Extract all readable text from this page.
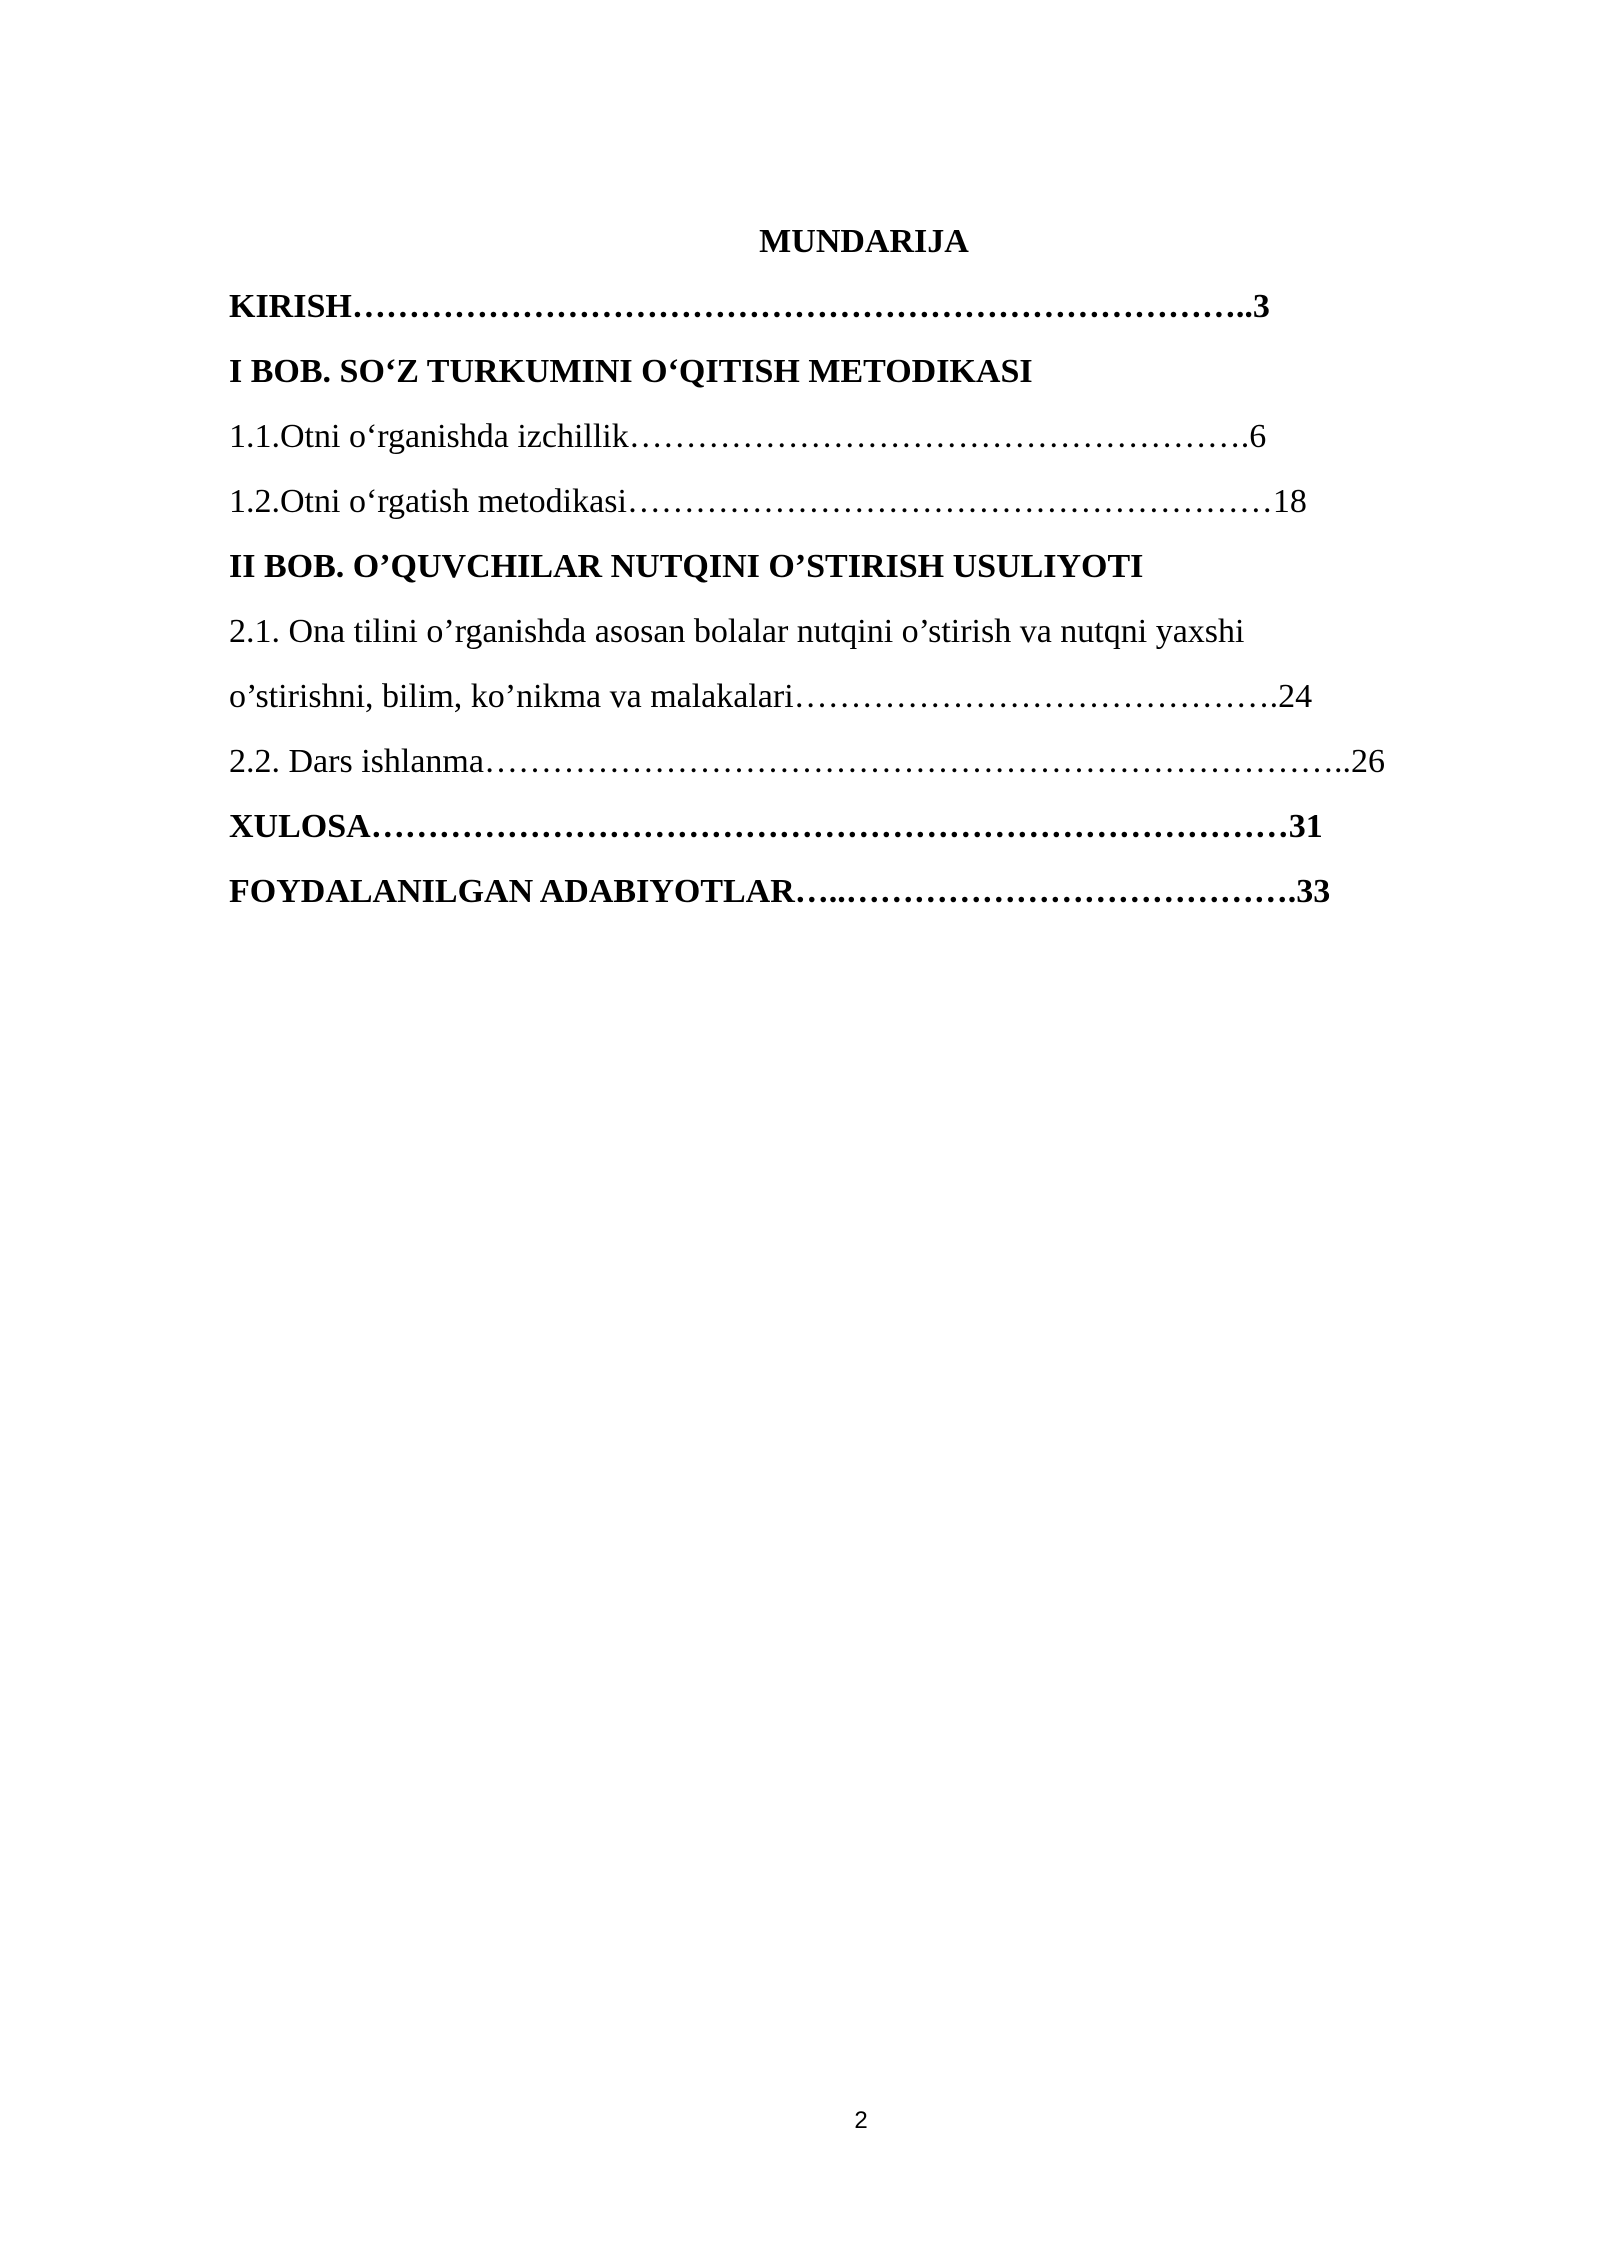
MUNDARIJA
KIRISH……………………………………………………………………..3
I BOB. SO‘Z TURKUMINI O‘QITISH METODIKASI
1.1.Otni o‘rganishda izchillik……………………………………………….6
1.2.Otni o‘rgatish metodikasi…………………………………………………18
II BOB. O’QUVCHILAR NUTQINI O’STIRISH USULIYOTI
2.1. Ona tilini o’rganishda asosan bolalar nutqini o’stirish va nutqni yaxshi
o’stirishni, bilim, ko’nikma va malakalari…………………………………….24
2.2. Dars ishlanma…………………………………………………………………..26
XULOSA………………………………………………………………………31
FOYDALANILGAN ADABIYOTLAR…..………………………………….33
2
